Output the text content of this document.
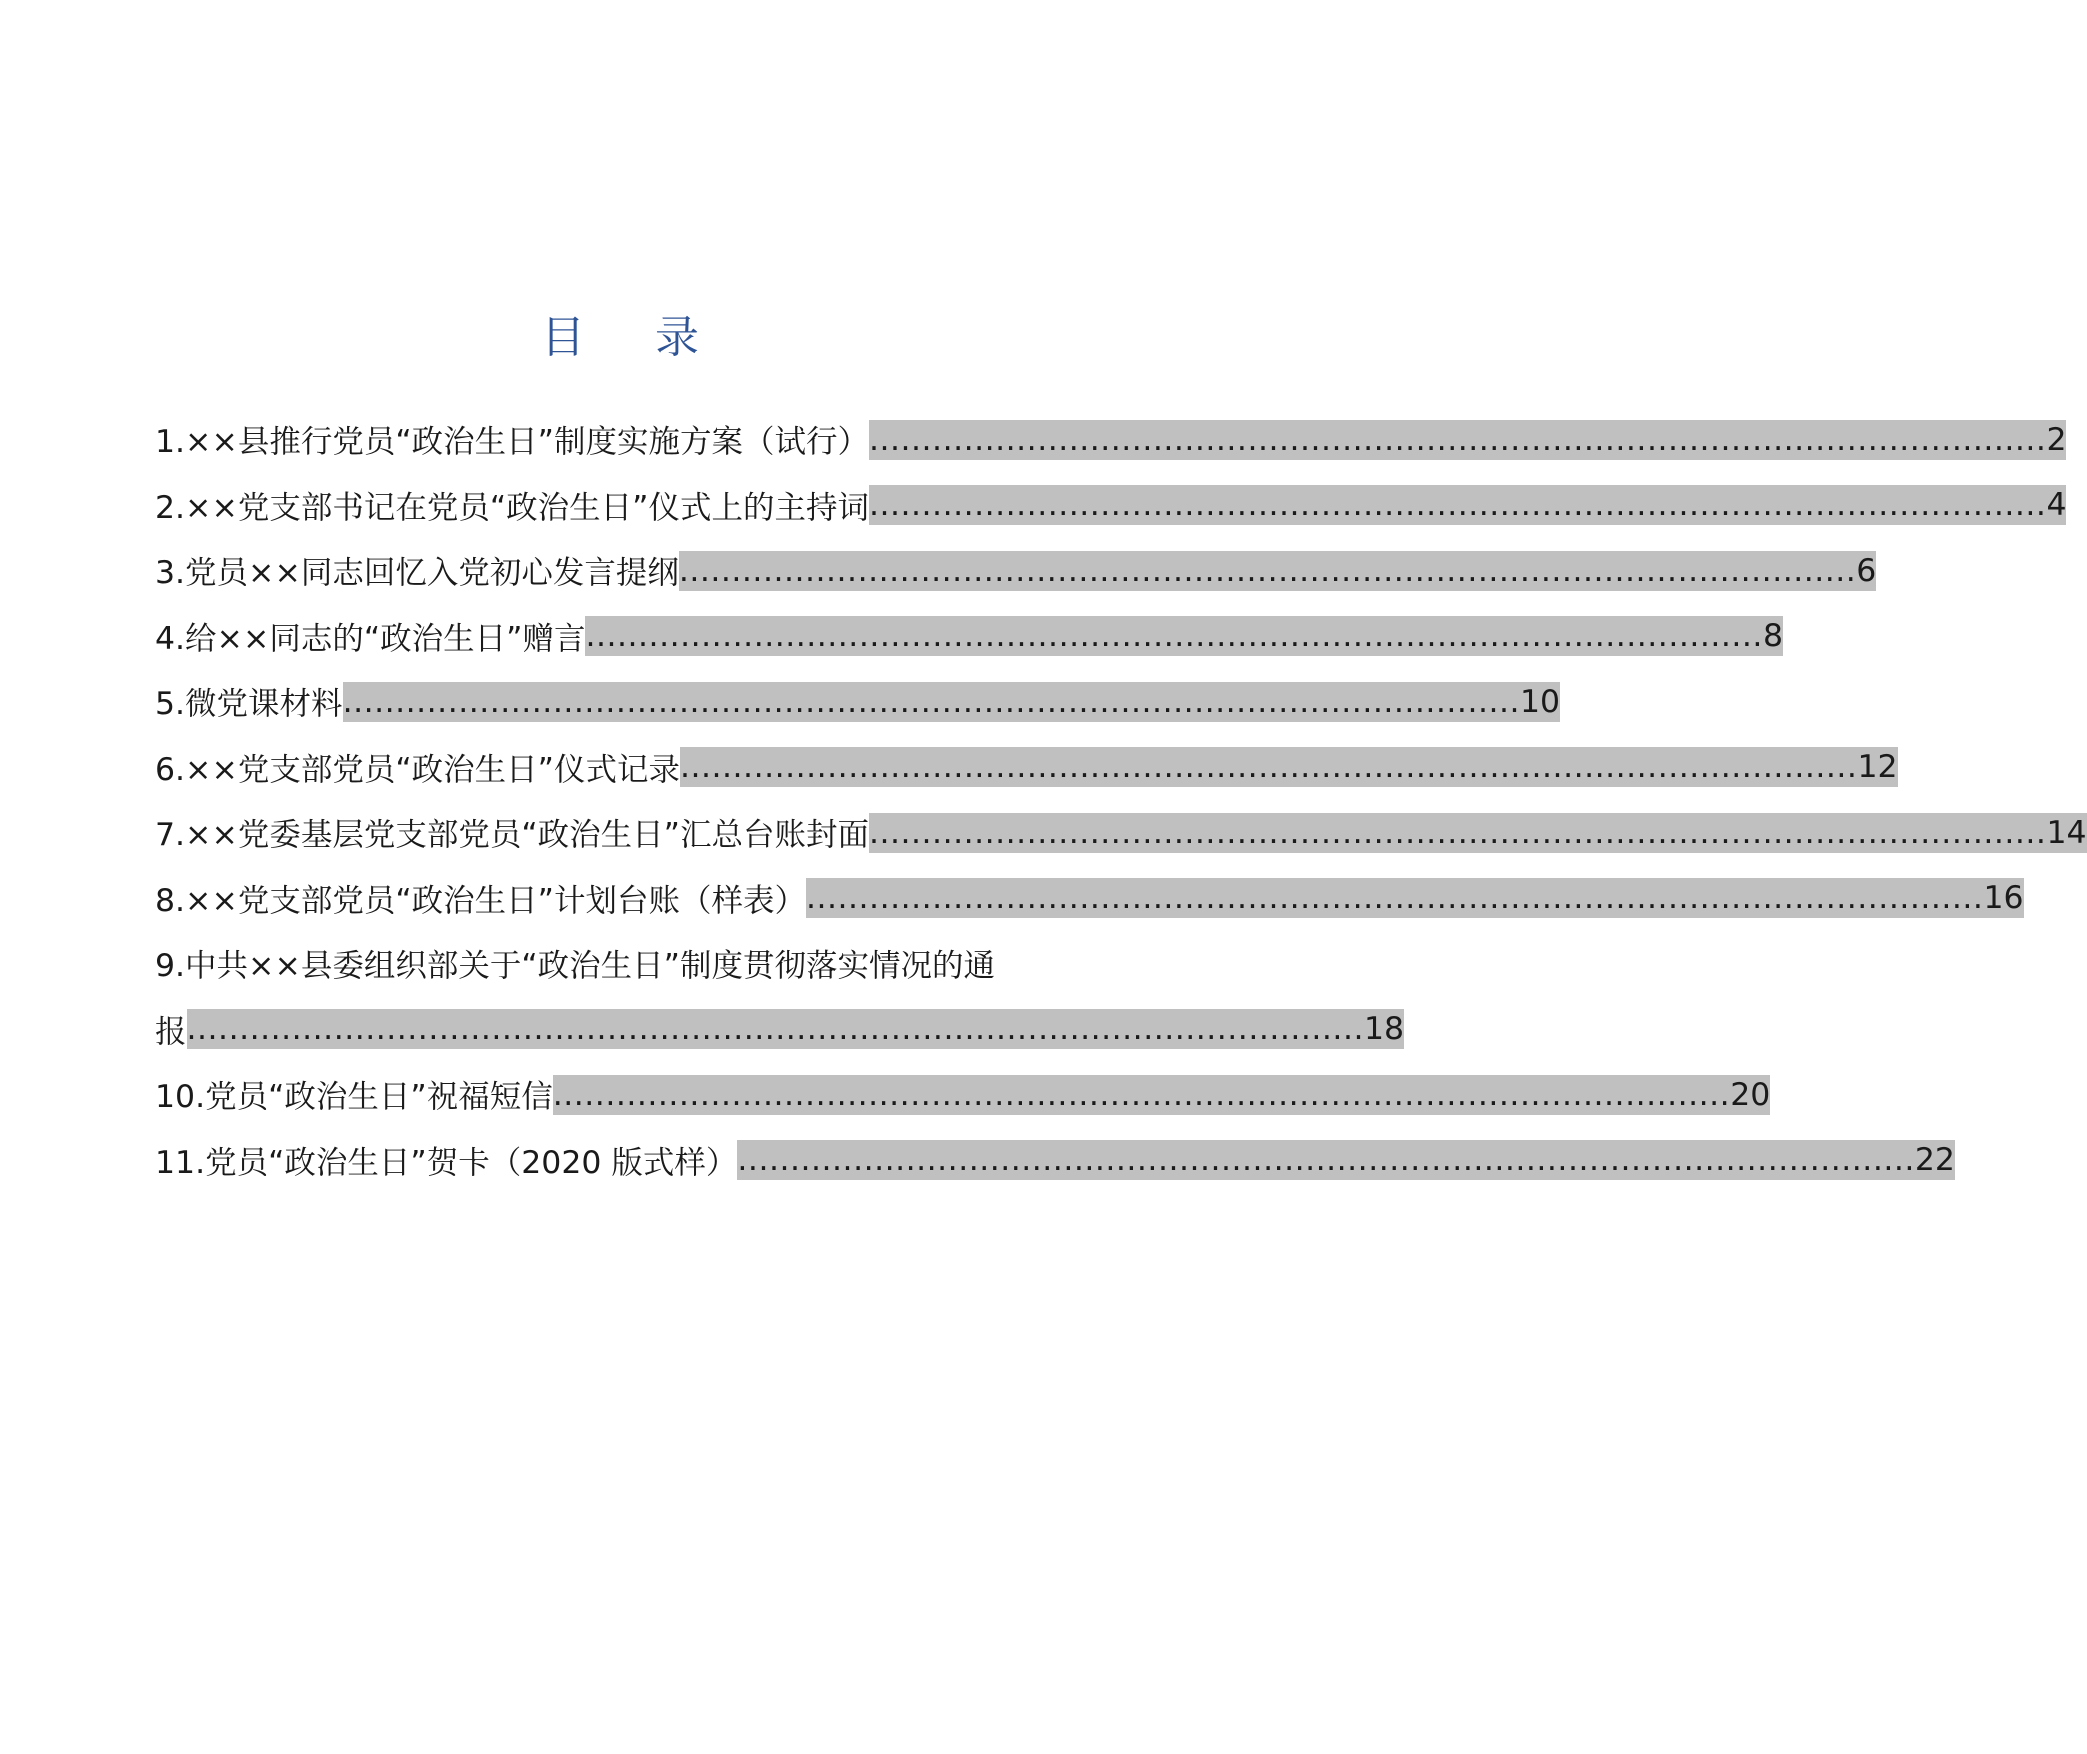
目 录
1.××县推行党员“政治生日”制度实施方案（试行） ................................................................................................................ 2
2.××党支部书记在党员“政治生日”仪式上的主持词 ................................................................................................................ 4
3.党员××同志回忆入党初心发言提纲 ................................................................................................................ 6
4.给××同志的“政治生日”赠言 ................................................................................................................ 8
5.微党课材料 ................................................................................................................ 10
6.××党支部党员“政治生日”仪式记录 ................................................................................................................ 12
7.××党委基层党支部党员“政治生日”汇总台账封面 ................................................................................................................ 14
8.××党支部党员“政治生日”计划台账（样表） ................................................................................................................ 16
9.中共××县委组织部关于“政治生日”制度贯彻落实情况的通
报 ................................................................................................................ 18
10.党员“政治生日”祝福短信 ................................................................................................................ 20
11.党员“政治生日”贺卡（2020 版式样） ................................................................................................................ 22
